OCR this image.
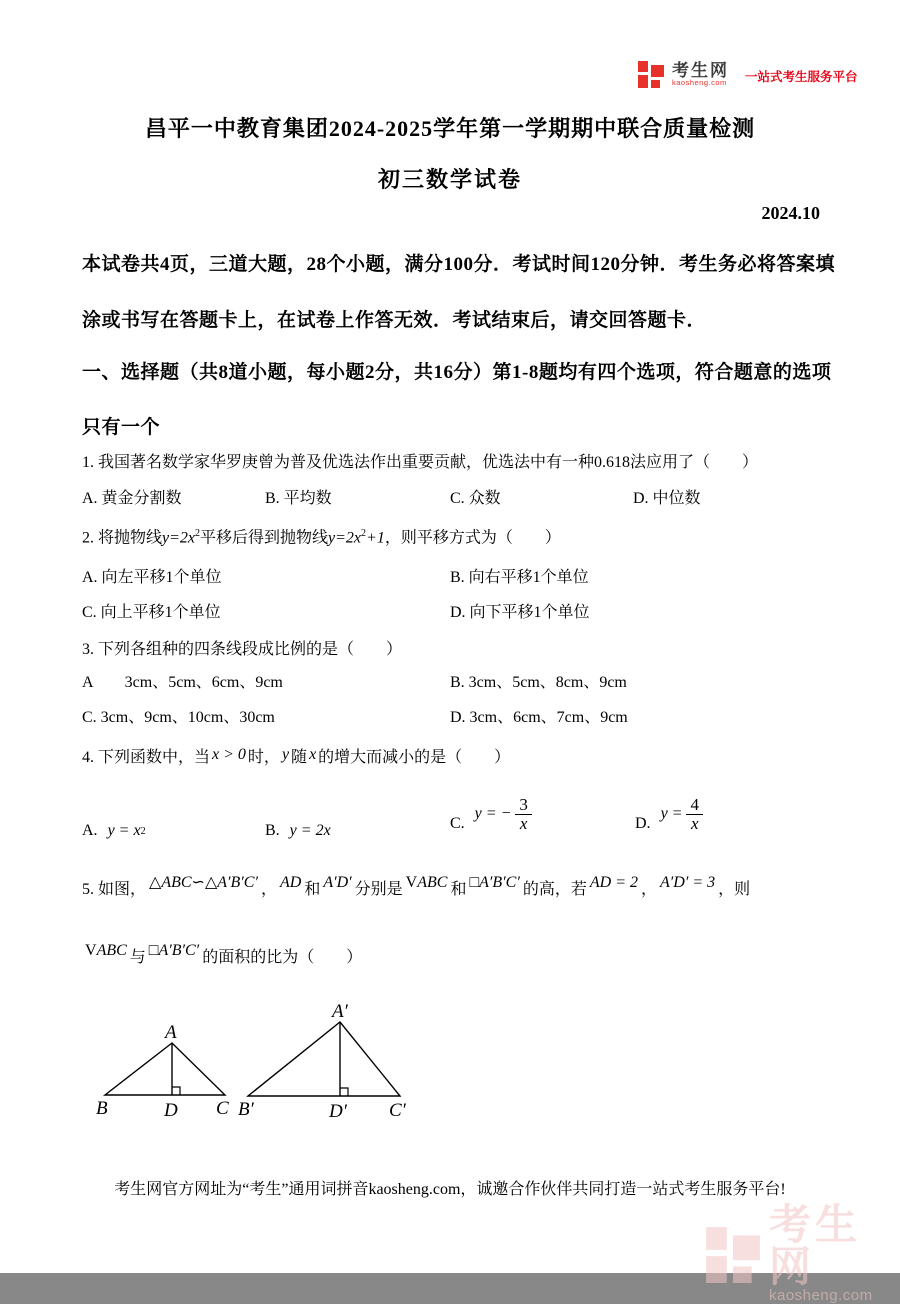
考生网
kaosheng.com 一站式考生服务平台
昌平一中教育集团2024-2025学年第一学期期中联合质量检测
初三数学试卷
2024.10
本试卷共4页，三道大题，28个小题，满分100分．考试时间120分钟．考生务必将答案填
涂或书写在答题卡上，在试卷上作答无效．考试结束后，请交回答题卡．
一、选择题（共8道小题，每小题2分，共16分）第1-8题均有四个选项，符合题意的选项
只有一个
1. 我国著名数学家华罗庚曾为普及优选法作出重要贡献，优选法中有一种0.618法应用了（　　）
A. 黄金分割数	B. 平均数	C. 众数	D. 中位数
2. 将抛物线$y=2x^2$平移后得到抛物线$y=2x^2+1$，则平移方式为（　　）
A. 向左平移1个单位	B. 向右平移1个单位
C. 向上平移1个单位	D. 向下平移1个单位
3. 下列各组种的四条线段成比例的是（　　）
A　　3cm、5cm、6cm、9cm	B. 3cm、5cm、8cm、9cm
C. 3cm、9cm、10cm、30cm	D. 3cm、6cm、7cm、9cm
4. 下列函数中，当 x > 0 时， y 随 x 的增大而减小的是（　　）
A. y = x 2	B. y = 2x	C.
y = − $\frac{3}{x}$	D.
$y = \frac{4}{x}$
5. 如图， △ABC∽△A′B′C′ ， AD 和 A′D′ 分别是 VABC 和 □A′B′C′ 的高，若 AD = 2 ， A′D′ = 3 ，则
VABC 与 □A′B′C′ 的面积的比为（　　）
A
B	C
D
A′
B′	C′
D′
考生网官方网址为“考生”通用词拼音kaosheng.com，诚邀合作伙伴共同打造一站式考生服务平台!
考生网
kaosheng.com
